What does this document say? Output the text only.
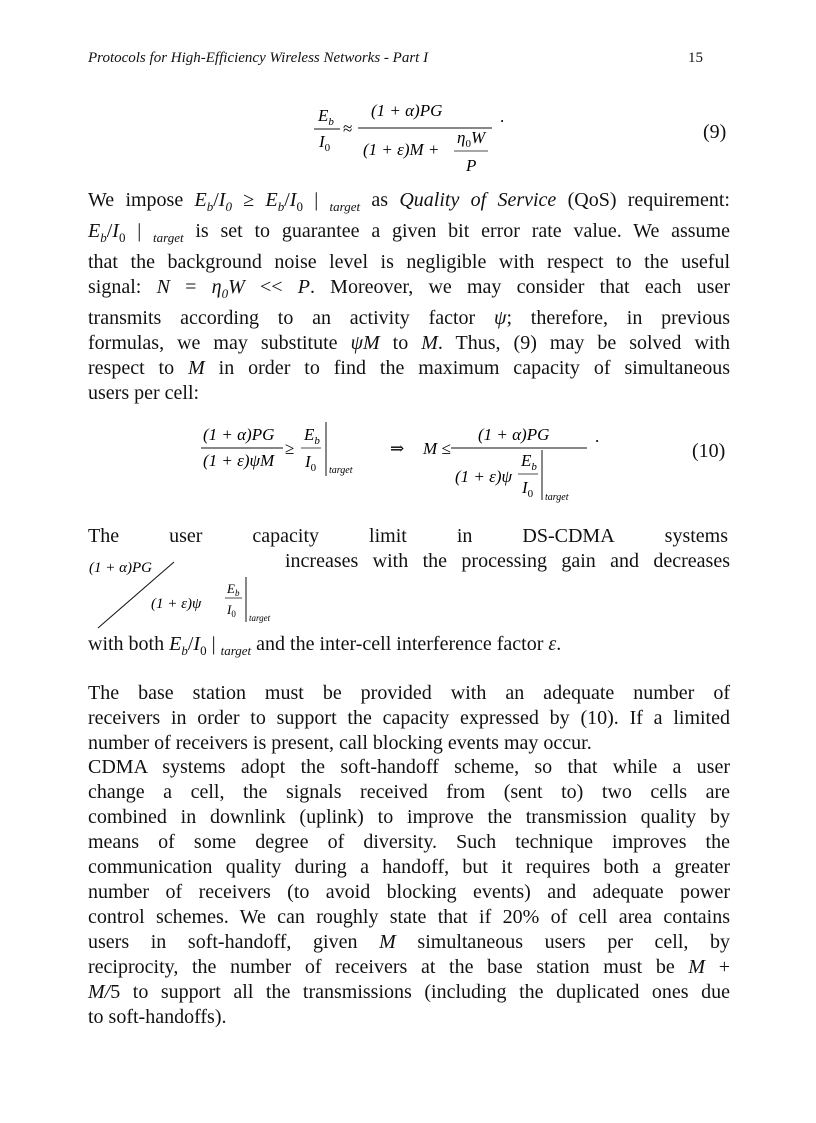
Protocols for High-Efficiency Wireless Networks - Part I	15
$E_b$
$I_0$
≈
(1 + α)PG
(1 + ε)M +
$\eta_0W$
P
.
(9)
We impose $E_b/I_0 \ge E_b/I_0$ | $_{target}$ as Quality of Service (QoS) requirement:
$E_b/I_0$ | $_{target}$ is set to guarantee a given bit error rate value. We assume
that the background noise level is negligible with respect to the useful
signal: $N = \eta_0W << P$. Moreover, we may consider that each user
transmits according to an activity factor ψ; therefore, in previous
formulas, we may substitute ψM to M. Thus, (9) may be solved with
respect to M in order to find the maximum capacity of simultaneous
users per cell:
(1 + α)PG
(1 + ε)ψM
≥
$E_b$
$I_0$ target
⇒ M ≤
(1 + α)PG
(1 + ε)ψ
$E_b$
$I_0$ target
.
(10)
The	user	capacity	limit	in	DS-CDMA	systems
(1 + α)PG
(1 + ε)ψ
$E_b$
$I_0$ target
increases with the processing gain and decreases
with both $E_b/I_0$ | $_{target}$ and the inter-cell interference factor ε.
The base station must be provided with an adequate number of
receivers in order to support the capacity expressed by (10). If a limited
number of receivers is present, call blocking events may occur.
CDMA systems adopt the soft-handoff scheme, so that while a user
change a cell, the signals received from (sent to) two cells are
combined in downlink (uplink) to improve the transmission quality by
means of some degree of diversity. Such technique improves the
communication quality during a handoff, but it requires both a greater
number of receivers (to avoid blocking events) and adequate power
control schemes. We can roughly state that if 20% of cell area contains
users in soft-handoff, given M simultaneous users per cell, by
reciprocity, the number of receivers at the base station must be M +
M/5 to support all the transmissions (including the duplicated ones due
to soft-handoffs).
